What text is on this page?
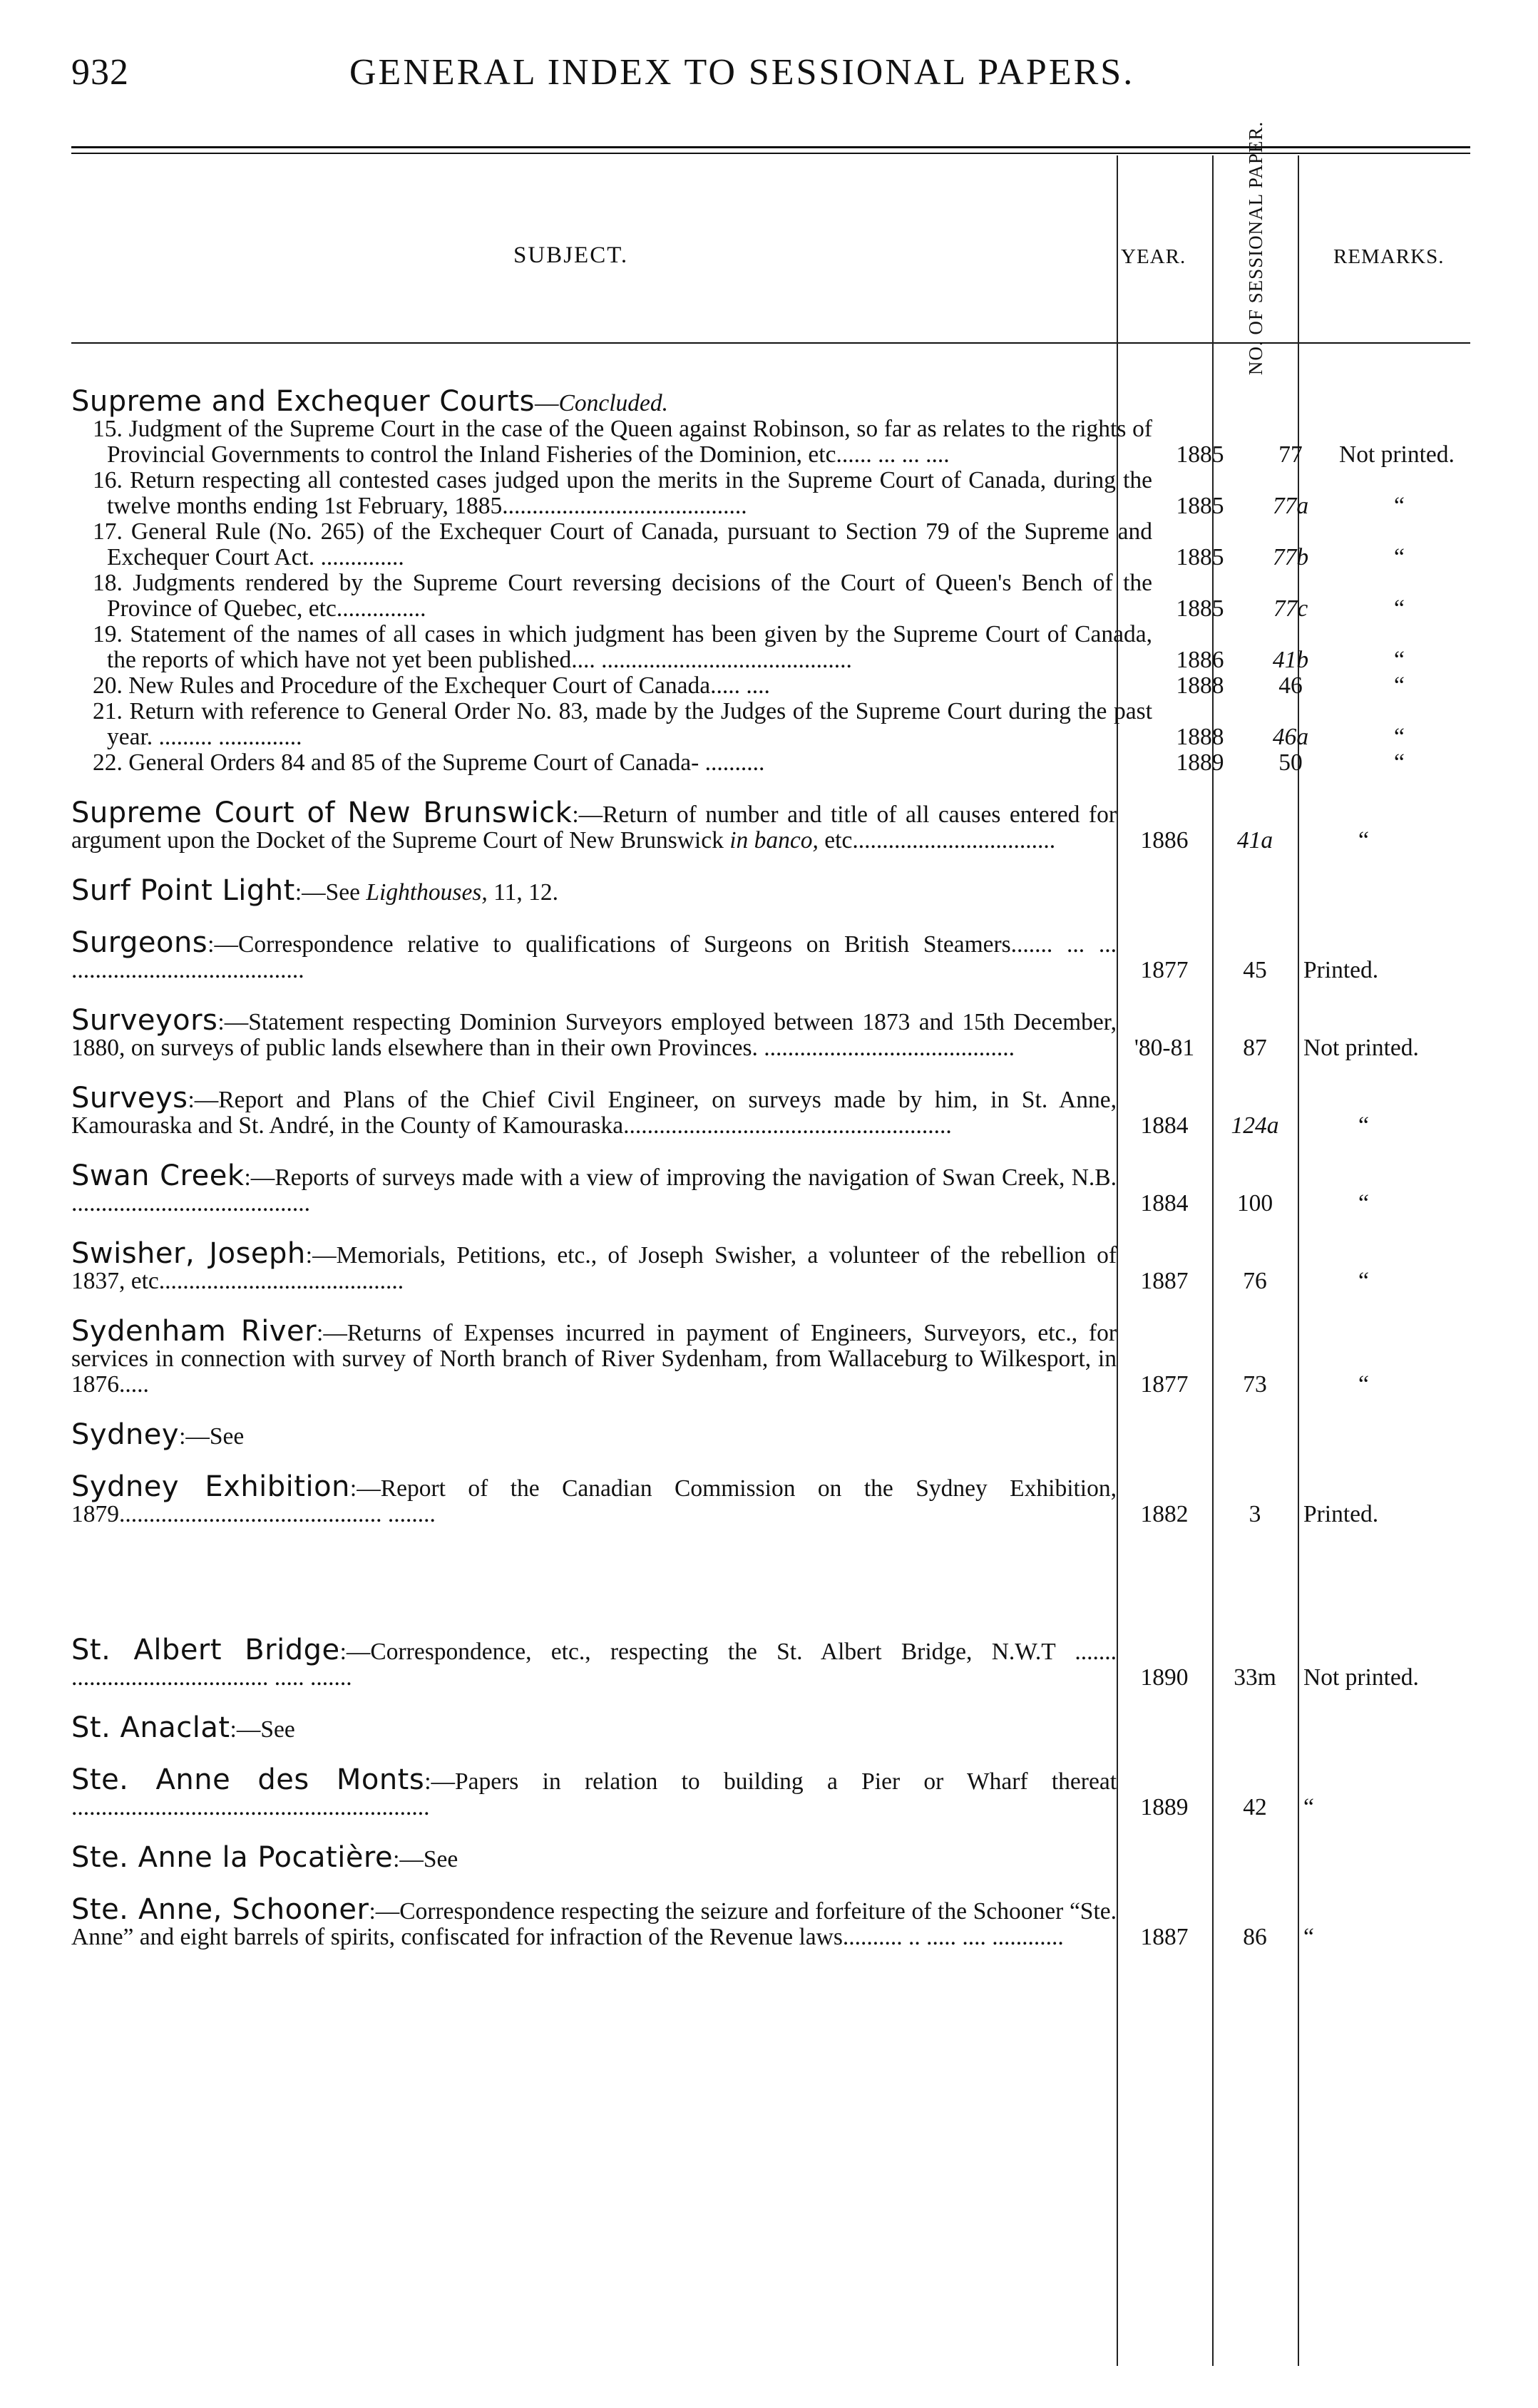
932	GENERAL INDEX TO SESSIONAL PAPERS.
SUBJECT.	YEAR.	NO. OF SESSIONAL PAPER.	REMARKS.
Supreme and Exchequer Courts—Concluded.
15. Judgment of the Supreme Court in the case of the Queen against Robinson, so far as relates to the rights of Provincial Governments to control the Inland Fisheries of the Dominion, etc...... ... ... ....	1885	77	Not printed.
16. Return respecting all contested cases judged upon the merits in the Supreme Court of Canada, during the twelve months ending 1st February, 1885.........................................	1885	77a	“
17. General Rule (No. 265) of the Exchequer Court of Canada, pursuant to Section 79 of the Supreme and Exchequer Court Act. ..............	1885	77b	“
18. Judgments rendered by the Supreme Court reversing decisions of the Court of Queen's Bench of the Province of Quebec, etc...............	1885	77c	“
19. Statement of the names of all cases in which judgment has been given by the Supreme Court of Canada, the reports of which have not yet been published.... ..........................................	1886	41b	“
20. New Rules and Procedure of the Exchequer Court of Canada..... ....	1888	46	“
21. Return with reference to General Order No. 83, made by the Judges of the Supreme Court during the past year. ......... ..............	1888	46a	“
22. General Orders 84 and 85 of the Supreme Court of Canada- ..........	1889	50	“
Supreme Court of New Brunswick:—Return of number and title of all causes entered for argument upon the Docket of the Supreme Court of New Brunswick in banco, etc..................................	1886	41a	“
Surf Point Light:—See Lighthouses, 11, 12.
Surgeons:—Correspondence relative to qualifications of Surgeons on British Steamers....... ... ... .......................................	1877	45	Printed.
Surveyors:—Statement respecting Dominion Surveyors employed between 1873 and 15th December, 1880, on surveys of public lands elsewhere than in their own Provinces. ..........................................	'80-81	87	Not printed.
Surveys:—Report and Plans of the Chief Civil Engineer, on surveys made by him, in St. Anne, Kamouraska and St. André, in the County of Kamouraska.......................................................	1884	124a	“
Swan Creek:—Reports of surveys made with a view of improving the navigation of Swan Creek, N.B. ........................................	1884	100	“
Swisher, Joseph:—Memorials, Petitions, etc., of Joseph Swisher, a volunteer of the rebellion of 1837, etc.........................................	1887	76	“
Sydenham River:—Returns of Expenses incurred in payment of Engineers, Surveyors, etc., for services in connection with survey of North branch of River Sydenham, from Wallaceburg to Wilkesport, in 1876.....	1877	73	“
Sydney:—See
Sydney Exhibition:—Report of the Canadian Commission on the Sydney Exhibition, 1879............................................ ........	1882	3	Printed.
St. Albert Bridge:—Correspondence, etc., respecting the St. Albert Bridge, N.W.T ....... ................................. ..... .......	1890	33m	Not printed.
St. Anaclat:—See
Ste. Anne des Monts:—Papers in relation to building a Pier or Wharf thereat ............................................................	1889	42	“
Ste. Anne la Pocatière:—See
Ste. Anne, Schooner:—Correspondence respecting the seizure and forfeiture of the Schooner “Ste. Anne” and eight barrels of spirits, confiscated for infraction of the Revenue laws.......... .. ..... .... ............	1887	86	“
